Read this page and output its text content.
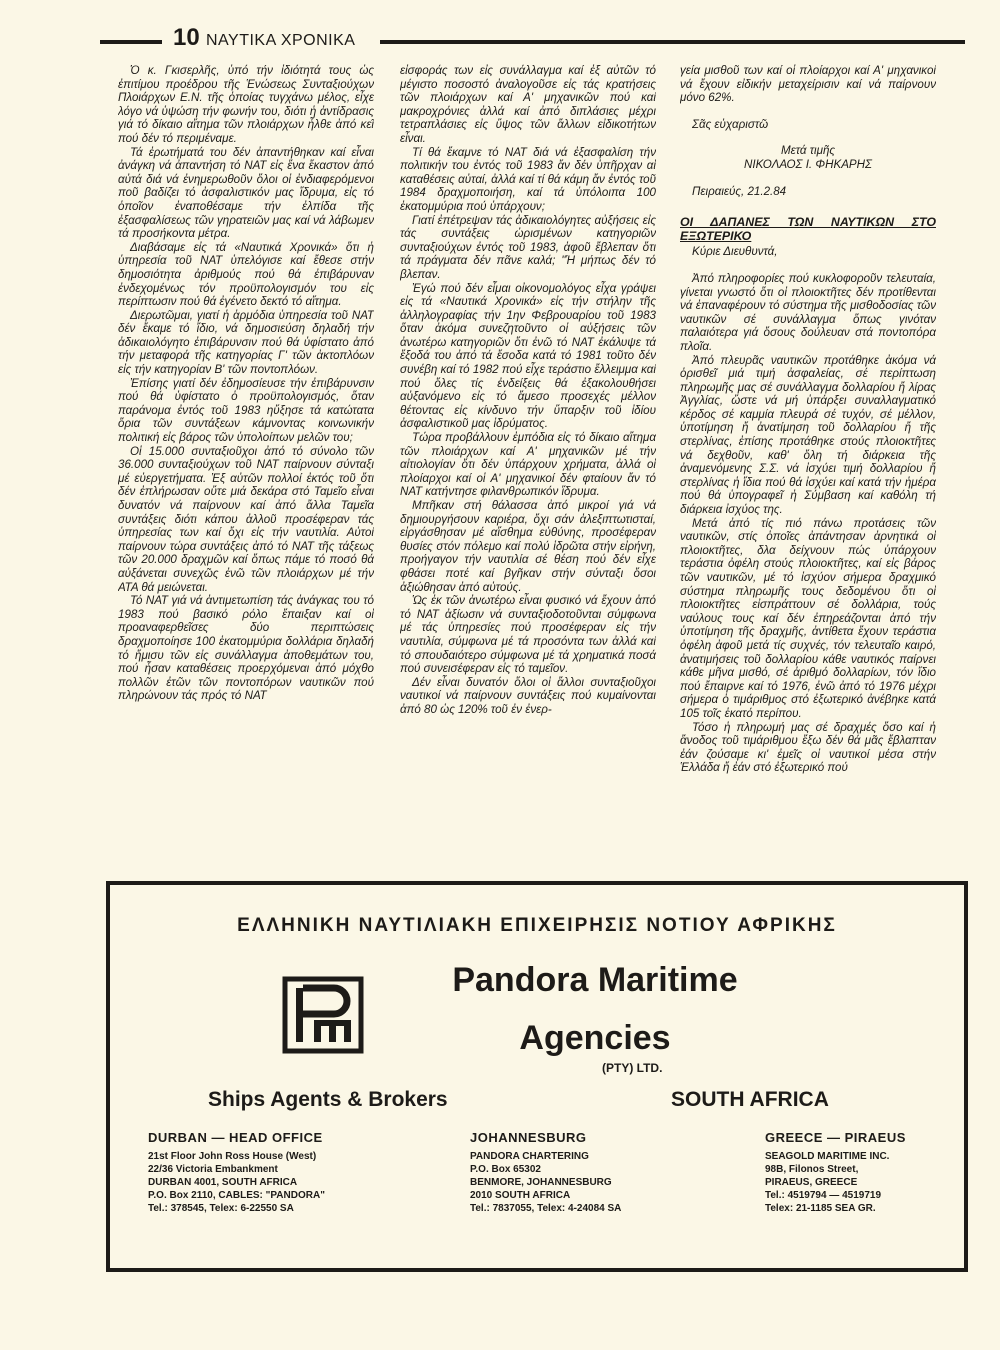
10 ΝΑΥΤΙΚΑ ΧΡΟΝΙΚΑ

Ὁ κ. Γκισερλῆς, ὑπό τήν ἰδιότητά τους ὡς ἐπιτίμου προέδρου τῆς Ἑνώσεως Συνταξιούχων Πλοιάρχων Ε.Ν. τῆς ὁποίας τυγχάνω μέλος, εἶχε λόγο νά ὑψώση τήν φωνήν του, διότι ἡ ἀντίδρασις γιά τό δίκαιο αἴτημα τῶν πλοιάρχων ἦλθε ἀπό κεῖ πού δέν τό περιμέναμε.

Τά ἐρωτήματά του δέν ἀπαντήθηκαν καί εἶναι ἀνάγκη νά ἀπαντήση τό ΝΑΤ εἰς ἕνα ἕκαστον ἀπό αὐτά διά νά ἐνημερωθοῦν ὅλοι οἱ ἐνδιαφερόμενοι ποῦ βαδίζει τό ἀσφαλιστικόν μας ἵδρυμα, εἰς τό ὁποῖον ἐναποθέσαμε τήν ἐλπίδα τῆς ἐξασφαλίσεως τῶν γηρατειῶν μας καί νά λάβωμεν τά προσήκοντα μέτρα.

Διαβάσαμε εἰς τά «Ναυτικά Χρονικά» ὅτι ἡ ὑπηρεσία τοῦ ΝΑΤ ὑπελόγισε καί ἔθεσε στήν δημοσιότητα ἀριθμούς πού θά ἐπιβάρυναν ἐνδεχομένως τόν προϋπολογισμόν του εἰς περίπτωσιν πού θά ἐγένετο δεκτό τό αἴτημα.

Διερωτῶμαι, γιατί ἡ ἁρμόδια ὑπηρεσία τοῦ ΝΑΤ δέν ἔκαμε τό ἴδιο, νά δημοσιεύση δηλαδή τήν ἀδικαιολόγητο ἐπιβάρυνσιν πού θά ὑφίστατο ἀπό τήν μεταφορά τῆς κατηγορίας Γ' τῶν ἀκτοπλόων εἰς τήν κατηγορίαν Β' τῶν ποντοπλόων.

Ἐπίσης γιατί δέν ἐδημοσίευσε τήν ἐπιβάρυνσιν πού θά ὑφίστατο ὁ προϋπολογισμός, ὅταν παράνομα ἐντός τοῦ 1983 ηὔξησε τά κατώτατα ὅρια τῶν συντάξεων κάμνοντας κοινωνικήν πολιτική εἰς βάρος τῶν ὑπολοίπων μελῶν του;

Οἱ 15.000 συνταξιοῦχοι ἀπό τό σύνολο τῶν 36.000 συνταξιούχων τοῦ ΝΑΤ παίρνουν σύνταξι μέ εὐεργετήματα. Ἐξ αὐτῶν πολλοί ἐκτός τοῦ ὅτι δέν ἐπλήρωσαν οὔτε μιά δεκάρα στό Ταμεῖο εἶναι δυνατόν νά παίρνουν καί ἀπό ἄλλα Ταμεῖα συντάξεις διότι κάπου ἀλλοῦ προσέφεραν τάς ὑπηρεσίας των καί ὄχι εἰς τήν ναυτιλία. Αὐτοί παίρνουν τώρα συντάξεις ἀπό τό ΝΑΤ τῆς τάξεως τῶν 20.000 δραχμῶν καί ὅπως πάμε τό ποσό θά αὐξάνεται συνεχῶς ἐνῶ τῶν πλοιάρχων μέ τήν ΑΤΑ θά μειώνεται.

Τό ΝΑΤ γιά νά ἀντιμετωπίση τάς ἀνάγκας του τό 1983 πού βασικό ρόλο ἔπαιξαν καί οἱ προαναφερθεῖσες δύο περιπτώσεις δραχμοποίησε 100 ἑκατομμύρια δολλάρια δηλαδή τό ἥμισυ τῶν εἰς συνάλλαγμα ἀποθεμάτων του, πού ἦσαν καταθέσεις προερχόμεναι ἀπό μόχθο πολλῶν ἐτῶν τῶν ποντοπόρων ναυτικῶν πού πληρώνουν τάς πρός τό ΝΑΤ

εἰσφοράς των εἰς συνάλλαγμα καί ἐξ αὐτῶν τό μέγιστο ποσοστό ἀναλογοῦσε εἰς τάς κρατήσεις τῶν πλοιάρχων καί Α' μηχανικῶν πού καί μακροχρόνιες ἀλλά καί ἀπό διπλάσιες μέχρι τετραπλάσιες εἰς ὕψος τῶν ἄλλων εἰδικοτήτων εἶναι.

Τί θά ἔκαμνε τό ΝΑΤ διά νά ἐξασφαλίση τήν πολιτικήν του ἐντός τοῦ 1983 ἄν δέν ὑπῆρχαν αἱ καταθέσεις αὐταί, ἀλλά καί τί θά κάμη ἄν ἐντός τοῦ 1984 δραχμοποιήση, καί τά ὑπόλοιπα 100 ἑκατομμύρια πού ὑπάρχουν;

Γιατί ἐπέτρεψαν τάς ἀδικαιολόγητες αὐξήσεις εἰς τάς συντάξεις ὡρισμένων κατηγοριῶν συνταξιούχων ἐντός τοῦ 1983, ἀφοῦ ἔβλεπαν ὅτι τά πράγματα δέν πᾶνε καλά; "Ἡ μήπως δέν τό βλεπαν.

Ἐγώ πού δέν εἶμαι οἰκονομολόγος εἶχα γράψει εἰς τά «Ναυτικά Χρονικά» εἰς τήν στήλην τῆς ἀλληλογραφίας τήν 1ην Φεβρουαρίου τοῦ 1983 ὅταν ἀκόμα συνεζητοῦντο οἱ αὐξήσεις τῶν ἀνωτέρω κατηγοριῶν ὅτι ἐνῶ τό ΝΑΤ ἐκάλυψε τά ἔξοδά του ἀπό τά ἔσοδα κατά τό 1981 τοῦτο δέν συνέβη καί τό 1982 πού εἶχε τεράστιο ἔλλειμμα καί πού ὅλες τίς ἐνδείξεις θά ἐξακολουθήσει αὐξανόμενο εἰς τό ἄμεσο προσεχές μέλλον θέτοντας εἰς κίνδυνο τήν ὕπαρξιν τοῦ ἰδίου ἀσφαλιστικοῦ μας ἱδρύματος.

Τώρα προβάλλουν ἐμπόδια εἰς τό δίκαιο αἴτημα τῶν πλοιάρχων καί Α' μηχανικῶν μέ τήν αἰτιολογίαν ὅτι δέν ὑπάρχουν χρήματα, ἀλλά οἱ πλοίαρχοι καί οἱ Α' μηχανικοί δέν φταίουν ἄν τό ΝΑΤ κατήντησε φιλανθρωπικόν ἵδρυμα.

Μπῆκαν στή θάλασσα ἀπό μικροί γιά νά δημιουργήσουν καριέρα, ὄχι σάν ἀλεξιπτωτισταί, εἰργάσθησαν μέ αἴσθημα εὐθύνης, προσέφεραν θυσίες στόν πόλεμο καί πολύ ἱδρῶτα στήν εἰρήνη, προήγαγον τήν ναυτιλία σέ θέση πού δέν εἶχε φθάσει ποτέ καί βγῆκαν στήν σύνταξι ὅσοι ἀξιώθησαν ἀπό αὐτούς.

Ὡς ἐκ τῶν ἀνωτέρω εἶναι φυσικό νά ἔχουν ἀπό τό ΝΑΤ ἀξίωσιν νά συνταξιοδοτοῦνται σύμφωνα μέ τάς ὑπηρεσίες πού προσέφεραν εἰς τήν ναυτιλία, σύμφωνα μέ τά προσόντα των ἀλλά καί τό σπουδαιότερο σύμφωνα μέ τά χρηματικά ποσά πού συνεισέφεραν εἰς τό ταμεῖον.

Δέν εἶναι δυνατόν ὅλοι οἱ ἄλλοι συνταξιοῦχοι ναυτικοί νά παίρνουν συντάξεις πού κυμαίνονται ἀπό 80 ὡς 120% τοῦ ἐν ἐνερ-

γεία μισθοῦ των καί οἱ πλοίαρχοι καί Α' μηχανικοί νά ἔχουν εἰδικήν μεταχείρισιν καί νά παίρνουν μόνο 62%.

Σᾶς εὐχαριστῶ

Μετά τιμῆς

ΝΙΚΟΛΑΟΣ Ι. ΦΗΚΑΡΗΣ

Πειραιεύς, 21.2.84

ΟΙ ΔΑΠΑΝΕΣ ΤΩΝ ΝΑΥΤΙΚΩΝ ΣΤΟ ΕΞΩΤΕΡΙΚΟ

Κύριε Διευθυντά,

Ἀπό πληροφορίες πού κυκλοφοροῦν τελευταία, γίνεται γνωστό ὅτι οἱ πλοιοκτῆτες δέν προτίθενται νά ἐπαναφέρουν τό σύστημα τῆς μισθοδοσίας τῶν ναυτικῶν σέ συνάλλαγμα ὅπως γινόταν παλαιότερα γιά ὅσους δούλευαν στά ποντοπόρα πλοῖα.

Ἀπό πλευρᾶς ναυτικῶν προτάθηκε ἀκόμα νά ὁρισθεῖ μιά τιμή ἀσφαλείας, σέ περίπτωση πληρωμῆς μας σέ συνάλλαγμα δολλαρίου ἤ λίρας Ἀγγλίας, ὥστε νά μή ὑπάρξει συναλλαγματικό κέρδος σέ καμμία πλευρά σέ τυχόν, σέ μέλλον, ὑποτίμηση ἤ ἀνατίμηση τοῦ δολλαρίου ἤ τῆς στερλίνας, ἐπίσης προτάθηκε στούς πλοιοκτῆτες νά δεχθοῦν, καθ' ὅλη τή διάρκεια τῆς ἀναμενόμενης Σ.Σ. νά ἰσχύει τιμή δολλαρίου ἤ στερλίνας ἡ ἴδια πού θά ἰσχύει καί κατά τήν ἡμέρα πού θά ὑπογραφεῖ ἡ Σύμβαση καί καθόλη τή διάρκεια ἰσχύος της.

Μετά ἀπό τίς πιό πάνω προτάσεις τῶν ναυτικῶν, στίς ὁποῖες ἀπάντησαν ἀρνητικά οἱ πλοιοκτῆτες, δλα δείχνουν πώς ὑπάρχουν τεράστια ὀφέλη στούς πλοιοκτῆτες, καί εἰς βάρος τῶν ναυτικῶν, μέ τό ἰσχύον σήμερα δραχμικό σύστημα πληρωμῆς τους δεδομένου ὅτι οἱ πλοιοκτῆτες εἰσπράττουν σέ δολλάρια, τούς ναύλους τους καί δέν ἐπηρεάζονται ἀπό τήν ὑποτίμηση τῆς δραχμῆς, ἀντίθετα ἔχουν τεράστια ὀφέλη ἀφοῦ μετά τίς συχνές, τόν τελευταῖο καιρό, ἀνατιμήσεις τοῦ δολλαρίου κάθε ναυτικός παίρνει κάθε μῆνα μισθό, σέ ἀριθμό δολλαρίων, τόν ἴδιο πού ἔπαιρνε καί τό 1976, ἐνῶ ἀπό τό 1976 μέχρι σήμερα ὁ τιμάριθμος στό ἐξωτερικό ἀνέβηκε κατά 105 τοῖς ἑκατό περίπου.

Τόσο ἡ πληρωμή μας σέ δραχμές ὅσο καί ἡ ἄνοδος τοῦ τιμάριθμου ἔξω δέν θά μᾶς ἔβλαπταν ἐάν ζούσαμε κι' ἐμεῖς οἱ ναυτικοί μέσα στήν Ἑλλάδα ἤ ἐάν στό ἐξωτερικό πού

ΕΛΛΗΝΙΚΗ ΝΑΥΤΙΛΙΑΚΗ ΕΠΙΧΕΙΡΗΣΙΣ ΝΟΤΙΟΥ ΑΦΡΙΚΗΣ
Pandora Maritime
Agencies
(PTY) LTD.
Ships Agents & Brokers	SOUTH AFRICA
DURBAN — HEAD OFFICE
21st Floor John Ross House (West)
22/36 Victoria Embankment
DURBAN 4001, SOUTH AFRICA
P.O. Box 2110, CABLES: "PANDORA"
Tel.: 378545, Telex: 6-22550 SA
JOHANNESBURG
PANDORA CHARTERING
P.O. Box 65302
BENMORE, JOHANNESBURG
2010 SOUTH AFRICA
Tel.: 7837055, Telex: 4-24084 SA
GREECE — PIRAEUS
SEAGOLD MARITIME INC.
98B, Filonos Street,
PIRAEUS, GREECE
Tel.: 4519794 — 4519719
Telex: 21-1185 SEA GR.
